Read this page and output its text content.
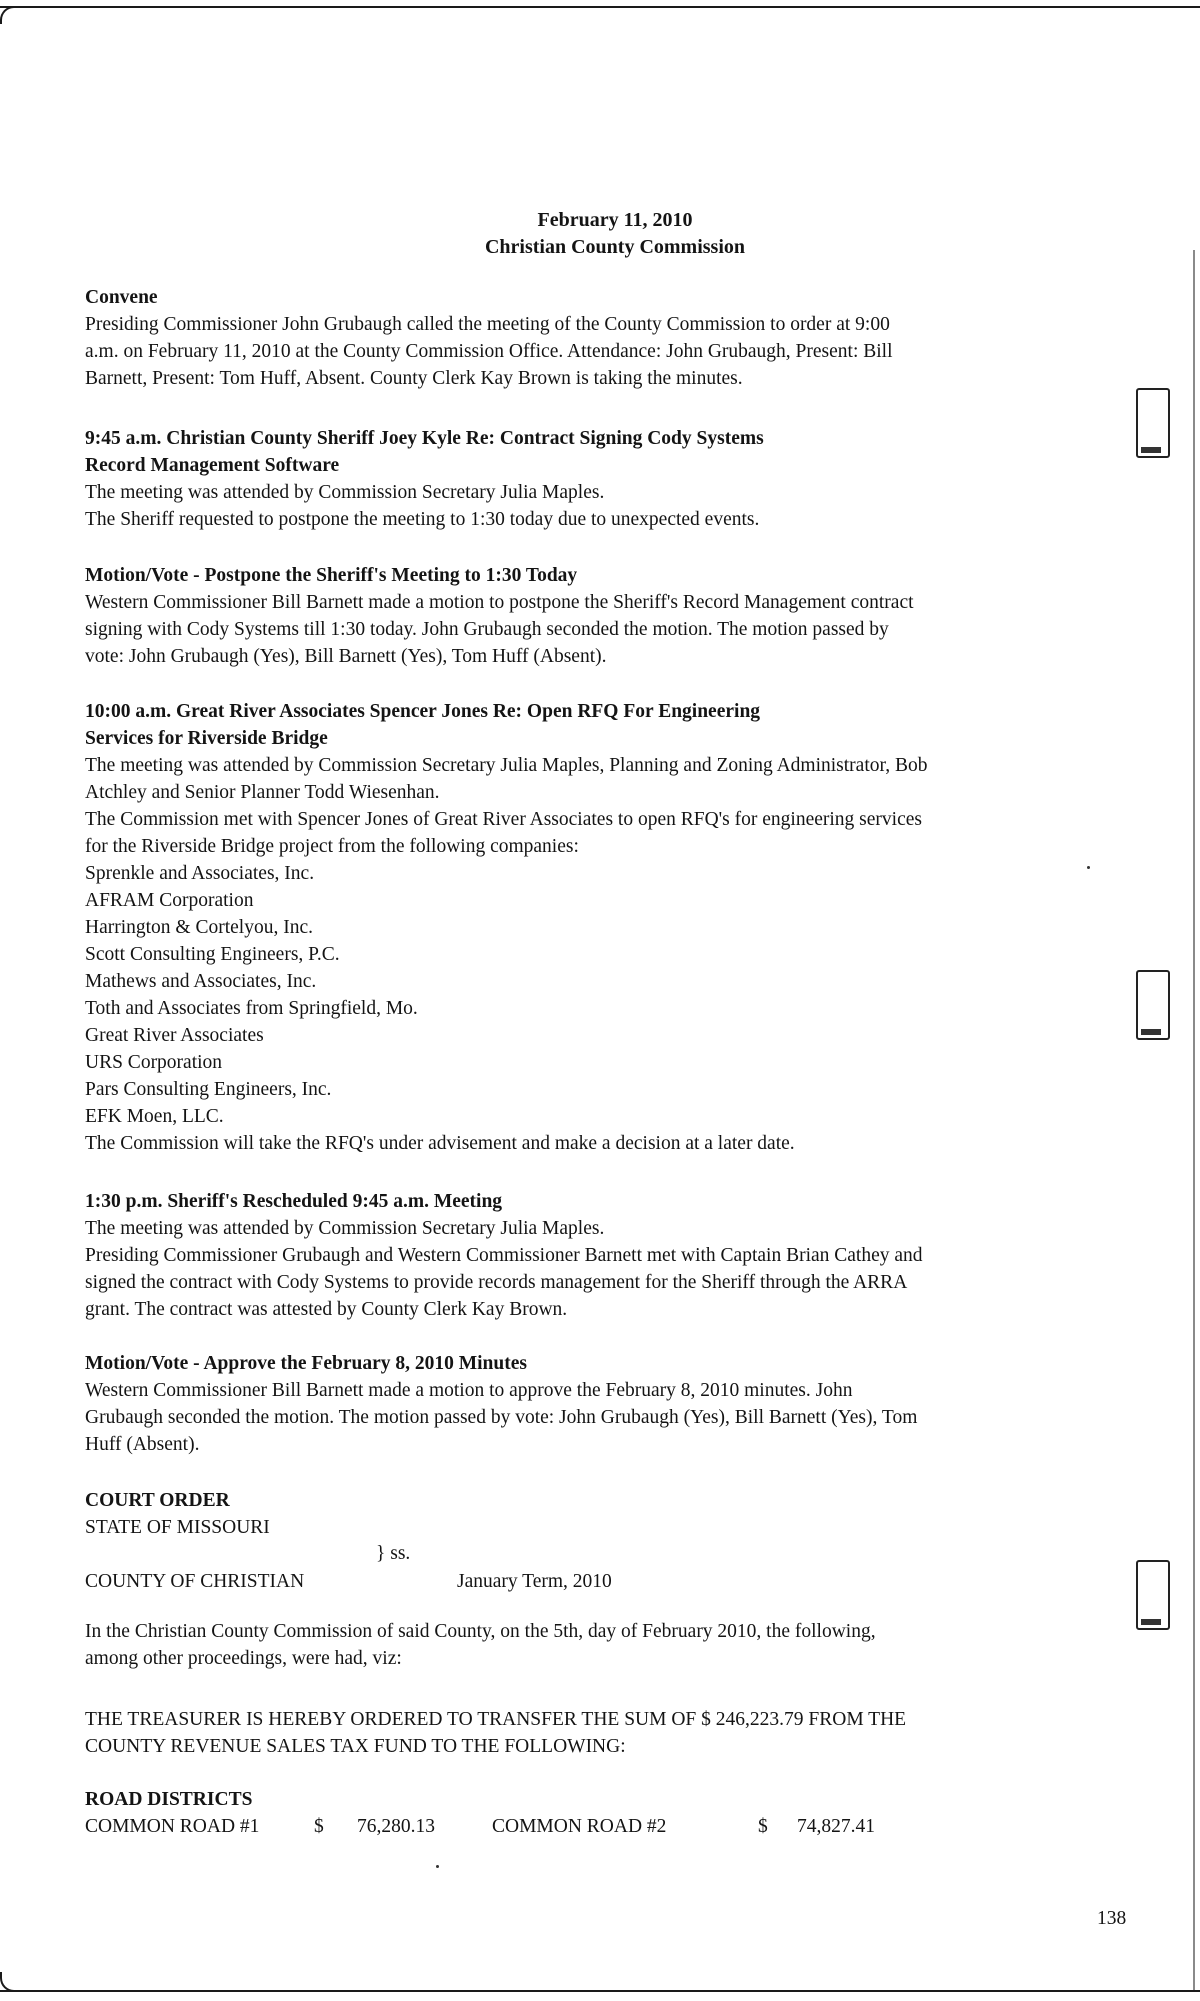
February 11, 2010
Christian County Commission
Convene
Presiding Commissioner John Grubaugh called the meeting of the County Commission to order at 9:00
a.m. on February 11, 2010 at the County Commission Office. Attendance: John Grubaugh, Present: Bill
Barnett, Present: Tom Huff, Absent. County Clerk Kay Brown is taking the minutes.
9:45 a.m. Christian County Sheriff Joey Kyle Re: Contract Signing Cody Systems
Record Management Software
The meeting was attended by Commission Secretary Julia Maples.
The Sheriff requested to postpone the meeting to 1:30 today due to unexpected events.
Motion/Vote - Postpone the Sheriff's Meeting to 1:30 Today
Western Commissioner Bill Barnett made a motion to postpone the Sheriff's Record Management contract
signing with Cody Systems till 1:30 today. John Grubaugh seconded the motion. The motion passed by
vote: John Grubaugh (Yes), Bill Barnett (Yes), Tom Huff (Absent).
10:00 a.m. Great River Associates Spencer Jones Re: Open RFQ For Engineering
Services for Riverside Bridge
The meeting was attended by Commission Secretary Julia Maples, Planning and Zoning Administrator, Bob
Atchley and Senior Planner Todd Wiesenhan.
The Commission met with Spencer Jones of Great River Associates to open RFQ's for engineering services
for the Riverside Bridge project from the following companies:
Sprenkle and Associates, Inc.
AFRAM Corporation
Harrington & Cortelyou, Inc.
Scott Consulting Engineers, P.C.
Mathews and Associates, Inc.
Toth and Associates from Springfield, Mo.
Great River Associates
URS Corporation
Pars Consulting Engineers, Inc.
EFK Moen, LLC.
The Commission will take the RFQ's under advisement and make a decision at a later date.
1:30 p.m. Sheriff's Rescheduled 9:45 a.m. Meeting
The meeting was attended by Commission Secretary Julia Maples.
Presiding Commissioner Grubaugh and Western Commissioner Barnett met with Captain Brian Cathey and
signed the contract with Cody Systems to provide records management for the Sheriff through the ARRA
grant. The contract was attested by County Clerk Kay Brown.
Motion/Vote - Approve the February 8, 2010 Minutes
Western Commissioner Bill Barnett made a motion to approve the February 8, 2010 minutes. John
Grubaugh seconded the motion. The motion passed by vote: John Grubaugh (Yes), Bill Barnett (Yes), Tom
Huff (Absent).
COURT ORDER
STATE OF MISSOURI
} ss.
COUNTY OF CHRISTIAN	January Term, 2010
In the Christian County Commission of said County, on the 5th, day of February 2010, the following,
among other proceedings, were had, viz:
THE TREASURER IS HEREBY ORDERED TO TRANSFER THE SUM OF $ 246,223.79 FROM THE
COUNTY REVENUE SALES TAX FUND TO THE FOLLOWING:
ROAD DISTRICTS
COMMON ROAD #1	$ 76,280.13	COMMON ROAD #2	$ 74,827.41
138
